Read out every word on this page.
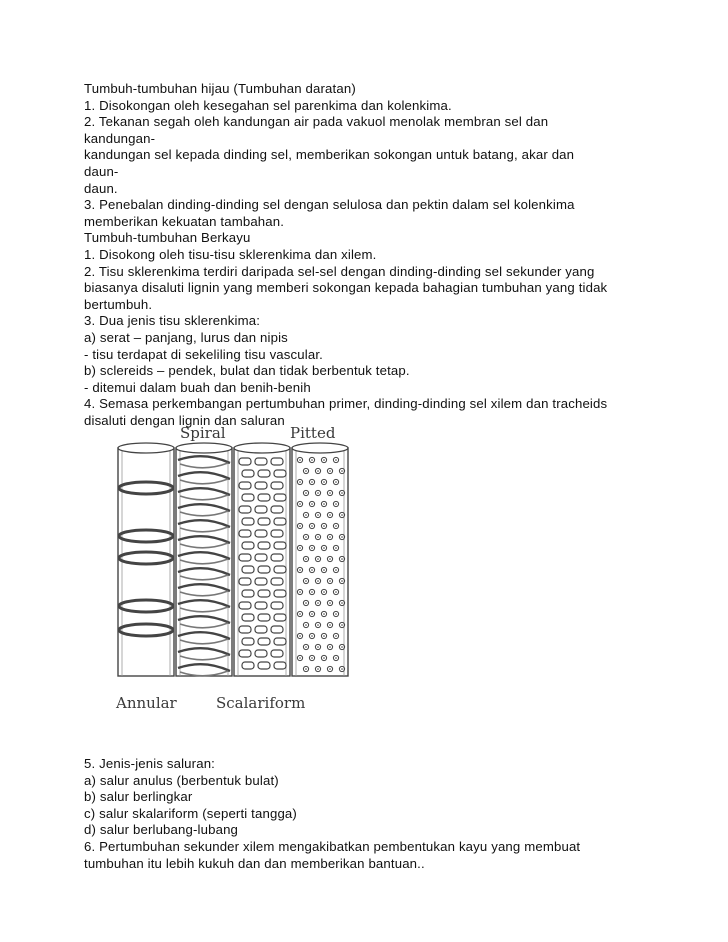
Tumbuh-tumbuhan hijau (Tumbuhan daratan)
1. Disokongan oleh kesegahan sel parenkima dan kolenkima.
2. Tekanan segah oleh kandungan air pada vakuol menolak membran sel dan
kandungan-
kandungan sel kepada dinding sel, memberikan sokongan untuk batang, akar dan
daun-
daun.
3. Penebalan dinding-dinding sel dengan selulosa dan pektin dalam sel kolenkima
memberikan kekuatan tambahan.
Tumbuh-tumbuhan Berkayu
1. Disokong oleh tisu-tisu sklerenkima dan xilem.
2. Tisu sklerenkima terdiri daripada sel-sel dengan dinding-dinding sel sekunder yang
biasanya disaluti lignin yang memberi sokongan kepada bahagian tumbuhan yang tidak
bertumbuh.
3. Dua jenis tisu sklerenkima:
a) serat – panjang, lurus dan nipis
- tisu terdapat di sekeliling tisu vascular.
b) sclereids – pendek, bulat dan tidak berbentuk tetap.
- ditemui dalam buah dan benih-benih
4. Semasa perkembangan pertumbuhan primer, dinding-dinding sel xilem dan tracheids
disaluti dengan lignin dan saluran
Spiral	Pitted
Annular	Scalariform
5. Jenis-jenis saluran:
a) salur anulus (berbentuk bulat)
b) salur berlingkar
c) salur skalariform (seperti tangga)
d) salur berlubang-lubang
6. Pertumbuhan sekunder xilem mengakibatkan pembentukan kayu yang membuat
tumbuhan itu lebih kukuh dan dan memberikan bantuan..
